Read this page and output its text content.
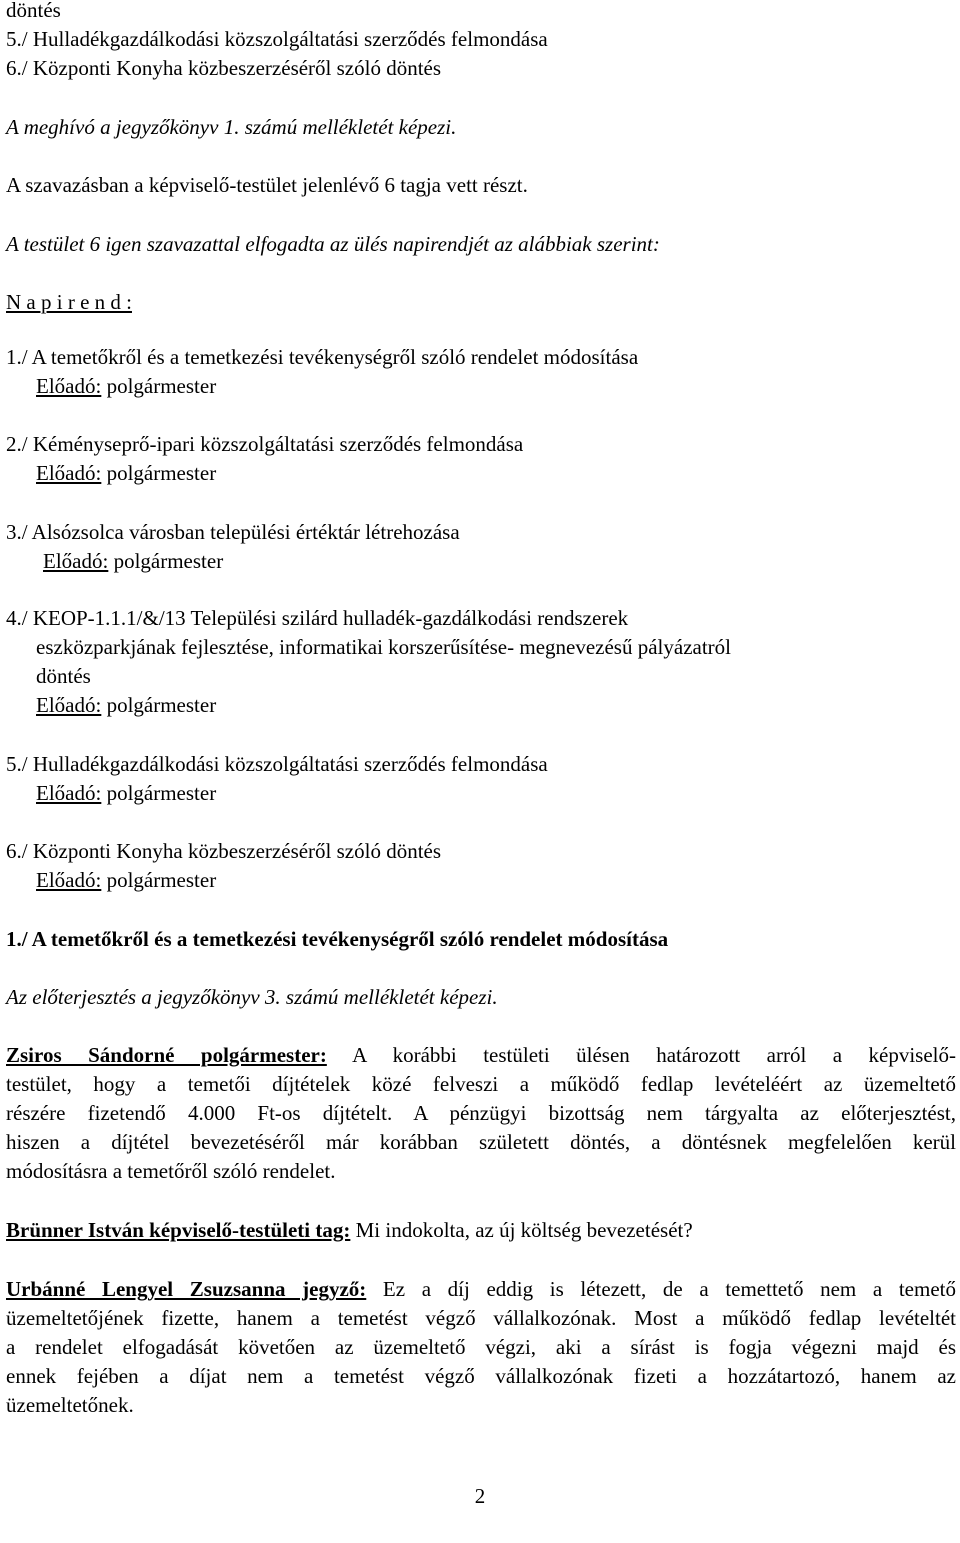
döntés
5./ Hulladékgazdálkodási közszolgáltatási szerződés felmondása
6./ Központi Konyha közbeszerzéséről szóló döntés
A meghívó a jegyzőkönyv 1. számú mellékletét képezi.
A szavazásban a képviselő-testület jelenlévő 6 tagja vett részt.
A testület 6 igen szavazattal elfogadta az ülés napirendjét az alábbiak szerint:
N a p i r e n d :
1./ A temetőkről és a temetkezési tevékenységről szóló rendelet módosítása
Előadó: polgármester
2./ Kéményseprő-ipari közszolgáltatási szerződés felmondása
Előadó: polgármester
3./ Alsózsolca városban települési értéktár létrehozása
Előadó: polgármester
4./ KEOP-1.1.1/&/13 Települési szilárd hulladék-gazdálkodási rendszerek
eszközparkjának fejlesztése, informatikai korszerűsítése- megnevezésű pályázatról
döntés
Előadó: polgármester
5./ Hulladékgazdálkodási közszolgáltatási szerződés felmondása
Előadó: polgármester
6./ Központi Konyha közbeszerzéséről szóló döntés
Előadó: polgármester
1./ A temetőkről és a temetkezési tevékenységről szóló rendelet módosítása
Az előterjesztés a jegyzőkönyv 3. számú mellékletét képezi.
Zsiros Sándorné polgármester: A korábbi testületi ülésen határozott arról a képviselő-
testület, hogy a temetői díjtételek közé felveszi a működő fedlap levételéért az üzemeltető
részére fizetendő 4.000 Ft-os díjtételt. A pénzügyi bizottság nem tárgyalta az előterjesztést,
hiszen a díjtétel bevezetéséről már korábban született döntés, a döntésnek megfelelően kerül
módosításra a temetőről szóló rendelet.
Brünner István képviselő-testületi tag: Mi indokolta, az új költség bevezetését?
Urbánné Lengyel Zsuzsanna jegyző: Ez a díj eddig is létezett, de a temettető nem a temető
üzemeltetőjének fizette, hanem a temetést végző vállalkozónak. Most a működő fedlap levételtét
a rendelet elfogadását követően az üzemeltető végzi, aki a sírást is fogja végezni majd és
ennek fejében a díjat nem a temetést végző vállalkozónak fizeti a hozzátartozó, hanem az
üzemeltetőnek.
2
